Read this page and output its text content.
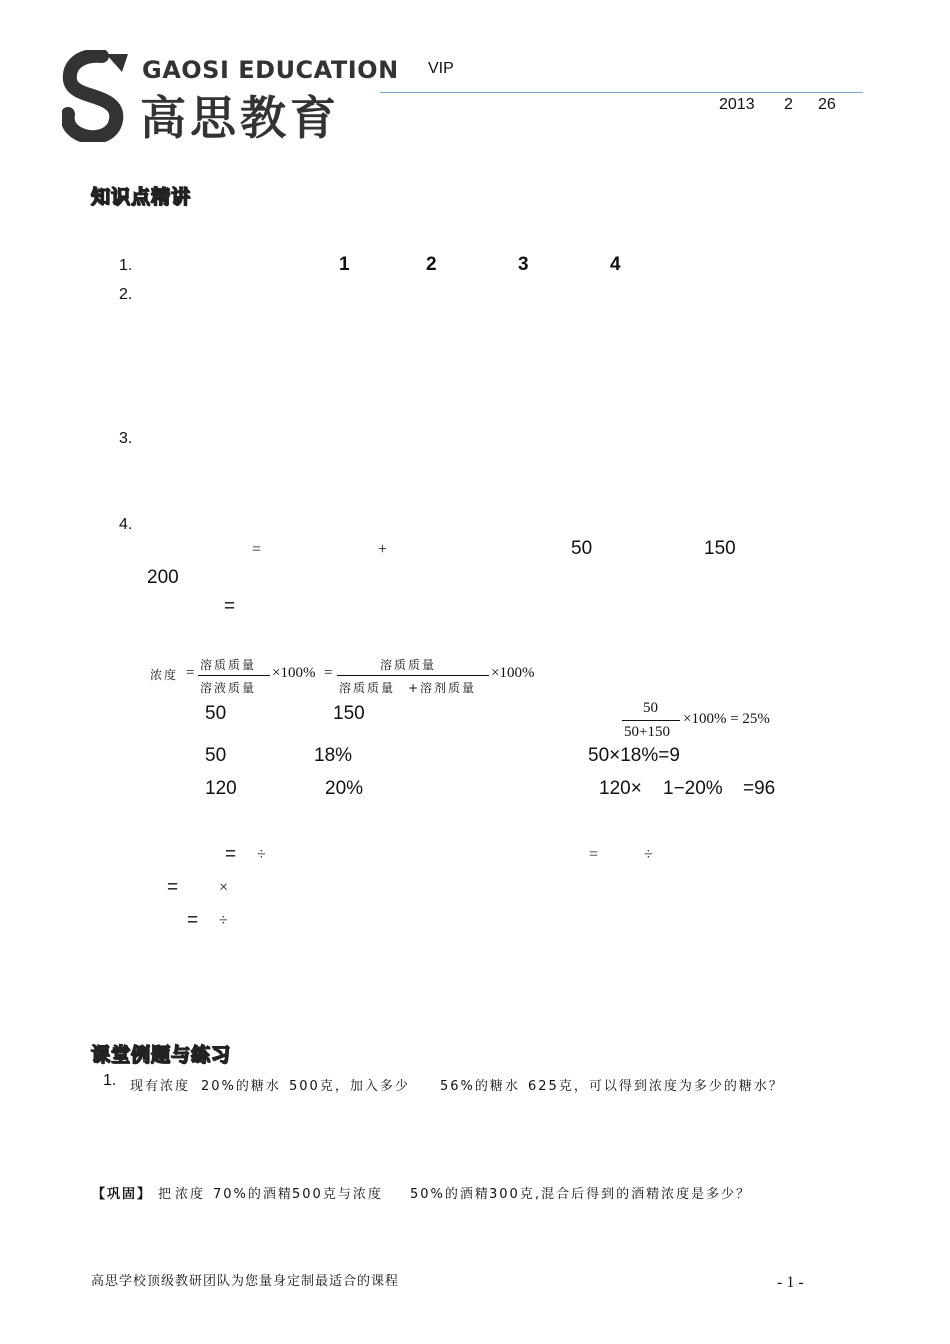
GAOSI EDUCATION
高思教育
VIP
2013 2 26
知识点精讲
1.	1	2	3	4
2.
3.
4.
=	+	50	150
200
=
浓度 = 溶质质量
溶液质量
×100% =	溶质质量
溶质质量 +溶剂质量
×100%
50	150	50
50+150
×100% = 25%
50	18%	50×18%=9
120	20%	120× 1−20% =96
= ÷	=	÷
=	×
= ÷
课堂例题与练习
1. 现有浓度 20%的糖水 500克，加入多少 56%的糖水 625克，可以得到浓度为多少的糖水？
【巩固】 把 浓度 70%的酒精 500克与浓度 50%的酒精 300克 ,混合后得到的酒精浓度是多少？
高思学校顶级教研团队为您量身定制最适合的课程	- 1 -
